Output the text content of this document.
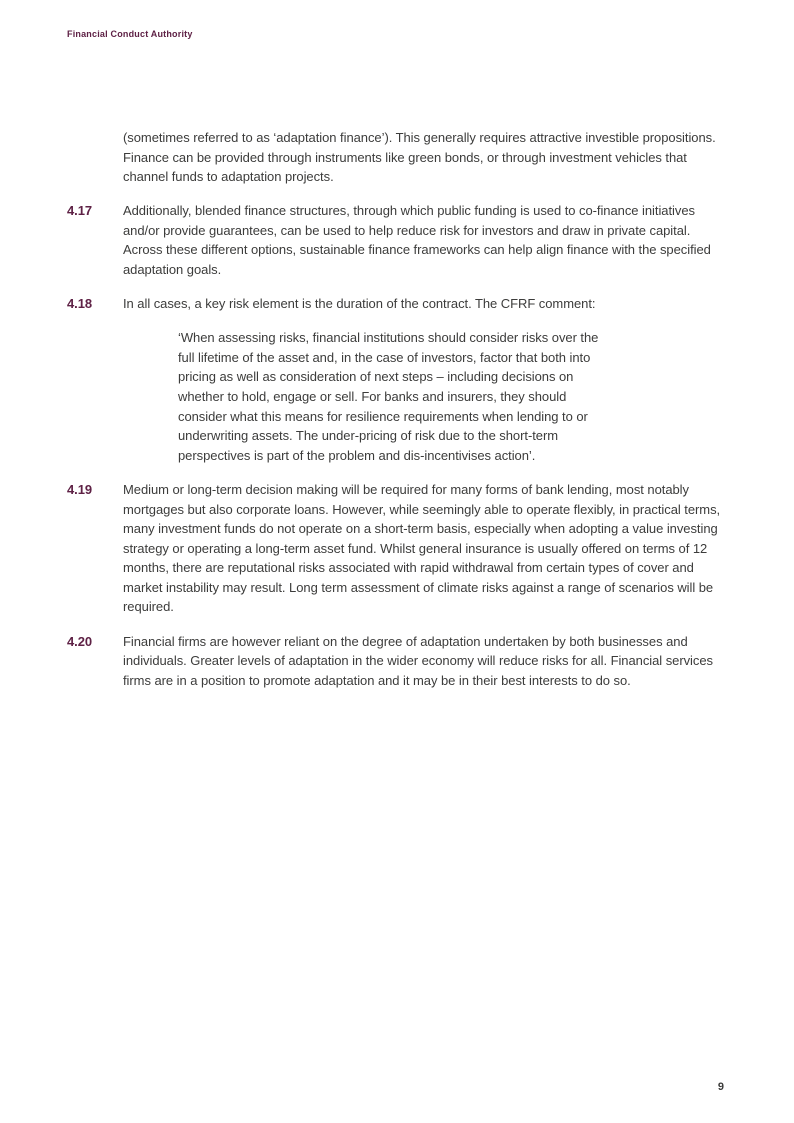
Financial Conduct Authority
(sometimes referred to as ‘adaptation finance’). This generally requires attractive investible propositions. Finance can be provided through instruments like green bonds, or through investment vehicles that channel funds to adaptation projects.
4.17	Additionally, blended finance structures, through which public funding is used to co-finance initiatives and/or provide guarantees, can be used to help reduce risk for investors and draw in private capital. Across these different options, sustainable finance frameworks can help align finance with the specified adaptation goals.
4.18	In all cases, a key risk element is the duration of the contract. The CFRF comment:
‘When assessing risks, financial institutions should consider risks over the full lifetime of the asset and, in the case of investors, factor that both into pricing as well as consideration of next steps – including decisions on whether to hold, engage or sell. For banks and insurers, they should consider what this means for resilience requirements when lending to or underwriting assets. The under-pricing of risk due to the short-term perspectives is part of the problem and dis-incentivises action’.
4.19	Medium or long-term decision making will be required for many forms of bank lending, most notably mortgages but also corporate loans. However, while seemingly able to operate flexibly, in practical terms, many investment funds do not operate on a short-term basis, especially when adopting a value investing strategy or operating a long-term asset fund. Whilst general insurance is usually offered on terms of 12 months, there are reputational risks associated with rapid withdrawal from certain types of cover and market instability may result. Long term assessment of climate risks against a range of scenarios will be required.
4.20	Financial firms are however reliant on the degree of adaptation undertaken by both businesses and individuals. Greater levels of adaptation in the wider economy will reduce risks for all. Financial services firms are in a position to promote adaptation and it may be in their best interests to do so.
9
